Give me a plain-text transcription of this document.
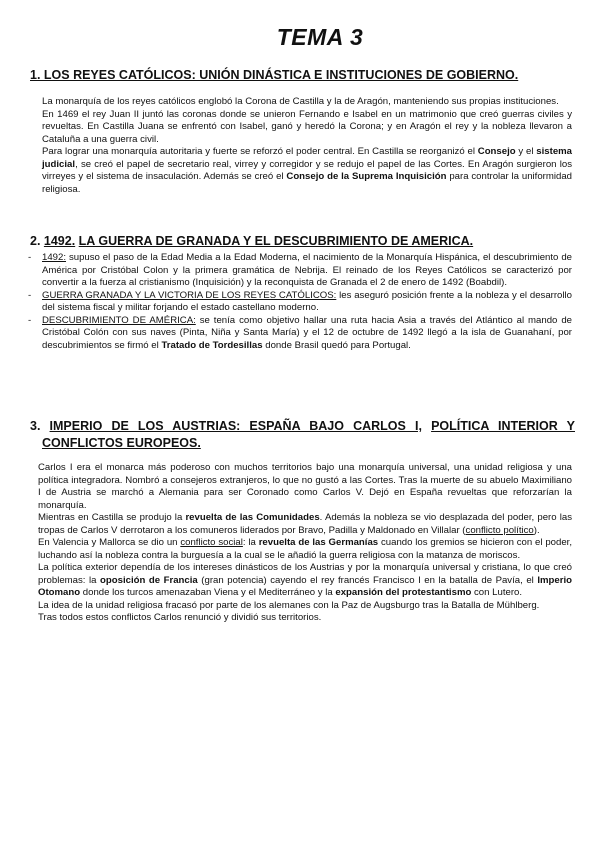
TEMA 3
1. LOS REYES CATÓLICOS: UNIÓN DINÁSTICA E INSTITUCIONES DE GOBIERNO.

La monarquía de los reyes católicos englobó la Corona de Castilla y la de Aragón, manteniendo sus propias instituciones.

En 1469 el rey Juan II juntó las coronas donde se unieron Fernando e Isabel en un matrimonio que creó guerras civiles y revueltas. En Castilla Juana se enfrentó con Isabel, ganó y heredó la Corona; y en Aragón el rey y la nobleza llevaron a Cataluña a una guerra civil.

Para lograr una monarquía autoritaria y fuerte se reforzó el poder central. En Castilla se reorganizó el Consejo y el sistema judicial, se creó el papel de secretario real, virrey y corregidor y se redujo el papel de las Cortes. En Aragón surgieron los virreyes y el sistema de insaculación. Además se creó el Consejo de la Suprema Inquisición para controlar la uniformidad religiosa.

2. 1492. LA GUERRA DE GRANADA Y EL DESCUBRIMIENTO DE AMERICA.
-	1492: supuso el paso de la Edad Media a la Edad Moderna, el nacimiento de la Monarquía Hispánica, el descubrimiento de América por Cristóbal Colon y la primera gramática de Nebrija. El reinado de los Reyes Católicos se caracterizó por convertir a la fuerza al cristianismo (Inquisición) y la reconquista de Granada el 2 de enero de 1492 (Boabdil).
-	GUERRA GRANADA Y LA VICTORIA DE LOS REYES CATÓLICOS: les aseguró posición frente a la nobleza y el desarrollo del sistema fiscal y militar forjando el estado castellano moderno.
-	DESCUBRIMIENTO DE AMÉRICA: se tenía como objetivo hallar una ruta hacia Asia a través del Atlántico al mando de Cristóbal Colón con sus naves (Pinta, Niña y Santa María) y el 12 de octubre de 1492 llegó a la isla de Guanahaní, por descubrimientos se firmó el Tratado de Tordesillas donde Brasil quedó para Portugal.
3. IMPERIO DE LOS AUSTRIAS: ESPAÑA BAJO CARLOS I, POLÍTICA INTERIOR Y
CONFLICTOS EUROPEOS.

Carlos I era el monarca más poderoso con muchos territorios bajo una monarquía universal, una unidad religiosa y una política integradora. Nombró a consejeros extranjeros, lo que no gustó a las Cortes. Tras la muerte de su abuelo Maximiliano I de Austria se marchó a Alemania para ser Coronado como Carlos V. Dejó en España revueltas que reforzarían la monarquía.

Mientras en Castilla se produjo la revuelta de las Comunidades. Además la nobleza se vio desplazada del poder, pero las tropas de Carlos V derrotaron a los comuneros liderados por Bravo, Padilla y Maldonado en Villalar (conflicto político).

En Valencia y Mallorca se dio un conflicto social: la revuelta de las Germanías cuando los gremios se hicieron con el poder, luchando así la nobleza contra la burguesía a la cual se le añadió la guerra religiosa con la matanza de moriscos.

La política exterior dependía de los intereses dinásticos de los Austrias y por la monarquía universal y cristiana, lo que creó problemas: la oposición de Francia (gran potencia) cayendo el rey francés Francisco I en la batalla de Pavía, el Imperio Otomano donde los turcos amenazaban Viena y el Mediterráneo y la expansión del protestantismo con Lutero.

La idea de la unidad religiosa fracasó por parte de los alemanes con la Paz de Augsburgo tras la Batalla de Mühlberg.

Tras todos estos conflictos Carlos renunció y dividió sus territorios.
